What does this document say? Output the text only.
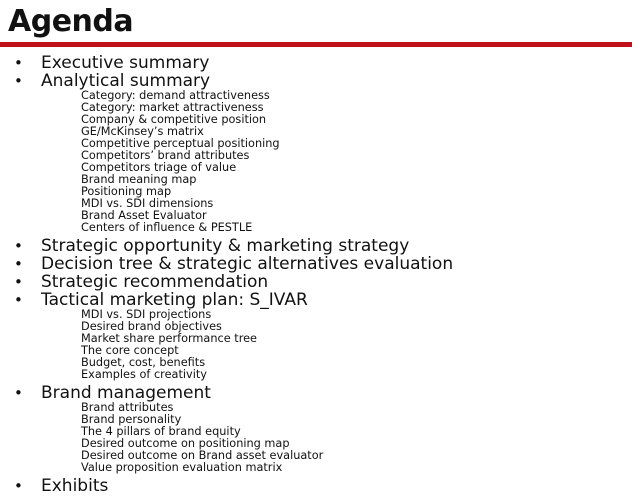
Agenda
• Executive summary
• Analytical summary
Category: demand attractiveness
Category: market attractiveness
Company & competitive position
GE/McKinsey’s matrix
Competitive perceptual positioning
Competitors’ brand attributes
Competitors triage of value
Brand meaning map
Positioning map
MDI vs. SDI dimensions
Brand Asset Evaluator
Centers of influence & PESTLE
• Strategic opportunity & marketing strategy
• Decision tree & strategic alternatives evaluation
• Strategic recommendation
• Tactical marketing plan: S_IVAR
MDI vs. SDI projections
Desired brand objectives
Market share performance tree
The core concept
Budget, cost, benefits
Examples of creativity
• Brand management
Brand attributes
Brand personality
The 4 pillars of brand equity
Desired outcome on positioning map
Desired outcome on Brand asset evaluator
Value proposition evaluation matrix
• Exhibits
